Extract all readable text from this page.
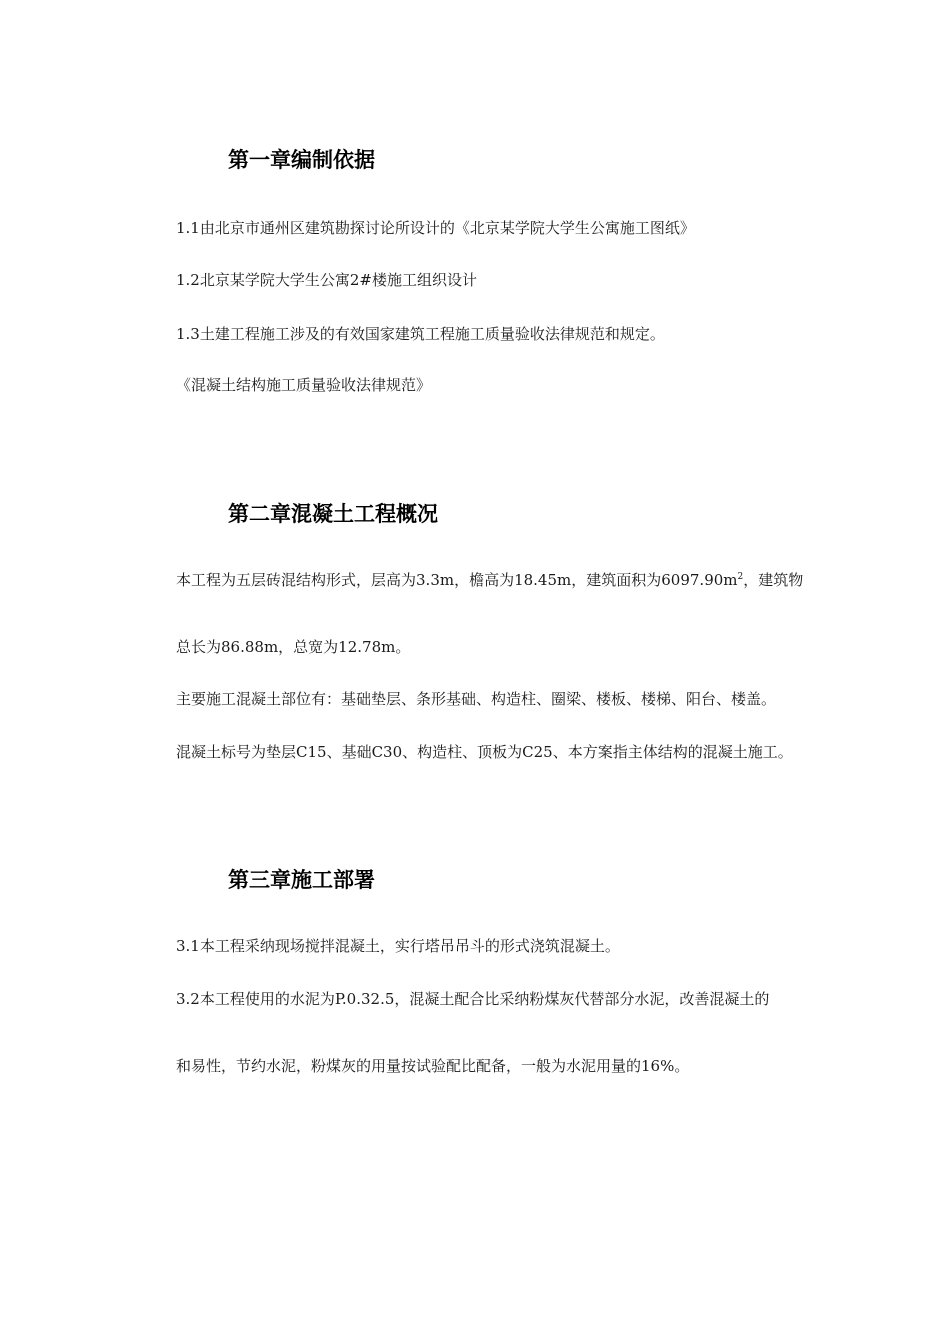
第一章编制依据
1.1由北京市通州区建筑勘探讨论所设计的《北京某学院大学生公寓施工图纸》
1.2北京某学院大学生公寓2#楼施工组织设计
1.3土建工程施工涉及的有效国家建筑工程施工质量验收法律规范和规定。
《混凝土结构施工质量验收法律规范》
第二章混凝土工程概况
本工程为五层砖混结构形式，层高为3.3m，檐高为18.45m，建筑面积为$6097.90m^2$，建筑物
总长为86.88m，总宽为12.78m。
主要施工混凝土部位有：基础垫层、条形基础、构造柱、圈梁、楼板、楼梯、阳台、楼盖。
混凝土标号为垫层C15、基础C30、构造柱、顶板为C25、本方案指主体结构的混凝土施工。
第三章施工部署
3.1本工程采纳现场搅拌混凝土，实行塔吊吊斗的形式浇筑混凝土。
3.2本工程使用的水泥为P.0.32.5，混凝土配合比采纳粉煤灰代替部分水泥，改善混凝土的
和易性，节约水泥，粉煤灰的用量按试验配比配备，一般为水泥用量的16%。
